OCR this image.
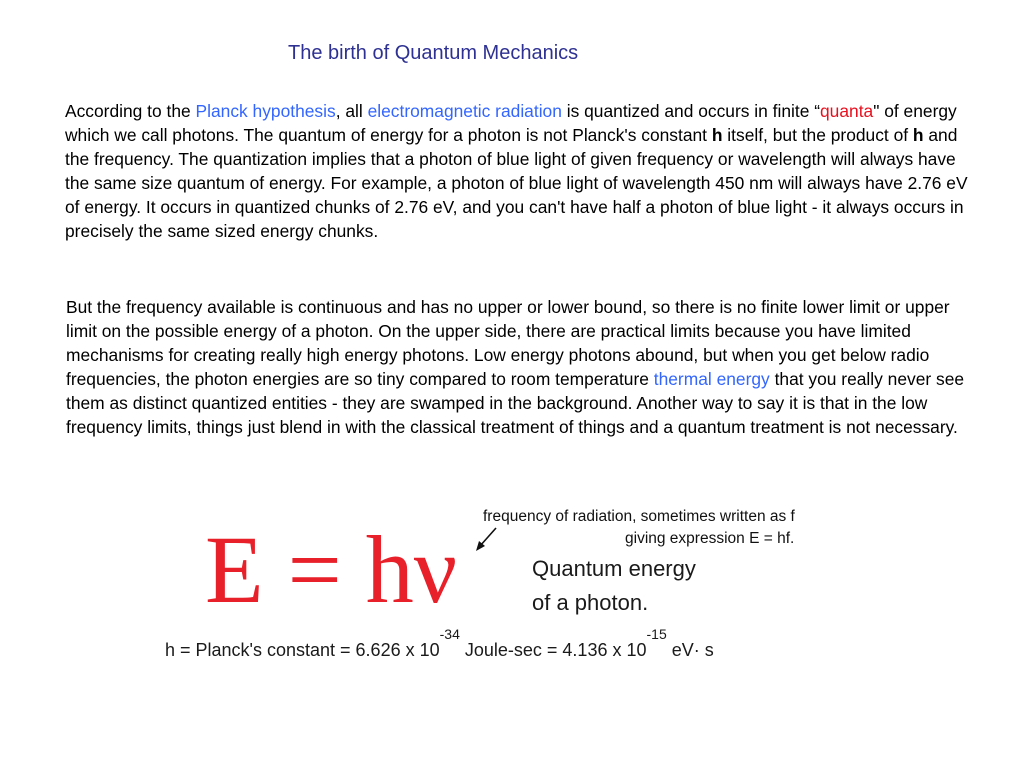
The birth of Quantum Mechanics

According to the Planck hypothesis, all electromagnetic radiation is quantized and occurs in finite “quanta" of energy which we call photons. The quantum of energy for a photon is not Planck's constant h itself, but the product of h and the frequency. The quantization implies that a photon of blue light of given frequency or wavelength will always have the same size quantum of energy. For example, a photon of blue light of wavelength 450 nm will always have 2.76 eV of energy. It occurs in quantized chunks of 2.76 eV, and you can't have half a photon of blue light - it always occurs in precisely the same sized energy chunks.

But the frequency available is continuous and has no upper or lower bound, so there is no finite lower limit or upper limit on the possible energy of a photon. On the upper side, there are practical limits because you have limited mechanisms for creating really high energy photons. Low energy photons abound, but when you get below radio frequencies, the photon energies are so tiny compared to room temperature thermal energy that you really never see them as distinct quantized entities - they are swamped in the background. Another way to say it is that in the low frequency limits, things just blend in with the classical treatment of things and a quantum treatment is not necessary.

E = hν frequency of radiation, sometimes written as f
giving expression E = hf.
Quantum energy
of a photon.
h = Planck's constant = 6.626 x $10^{-34}$ Joule-sec = 4.136 x $10^{-15}$ eV· s
